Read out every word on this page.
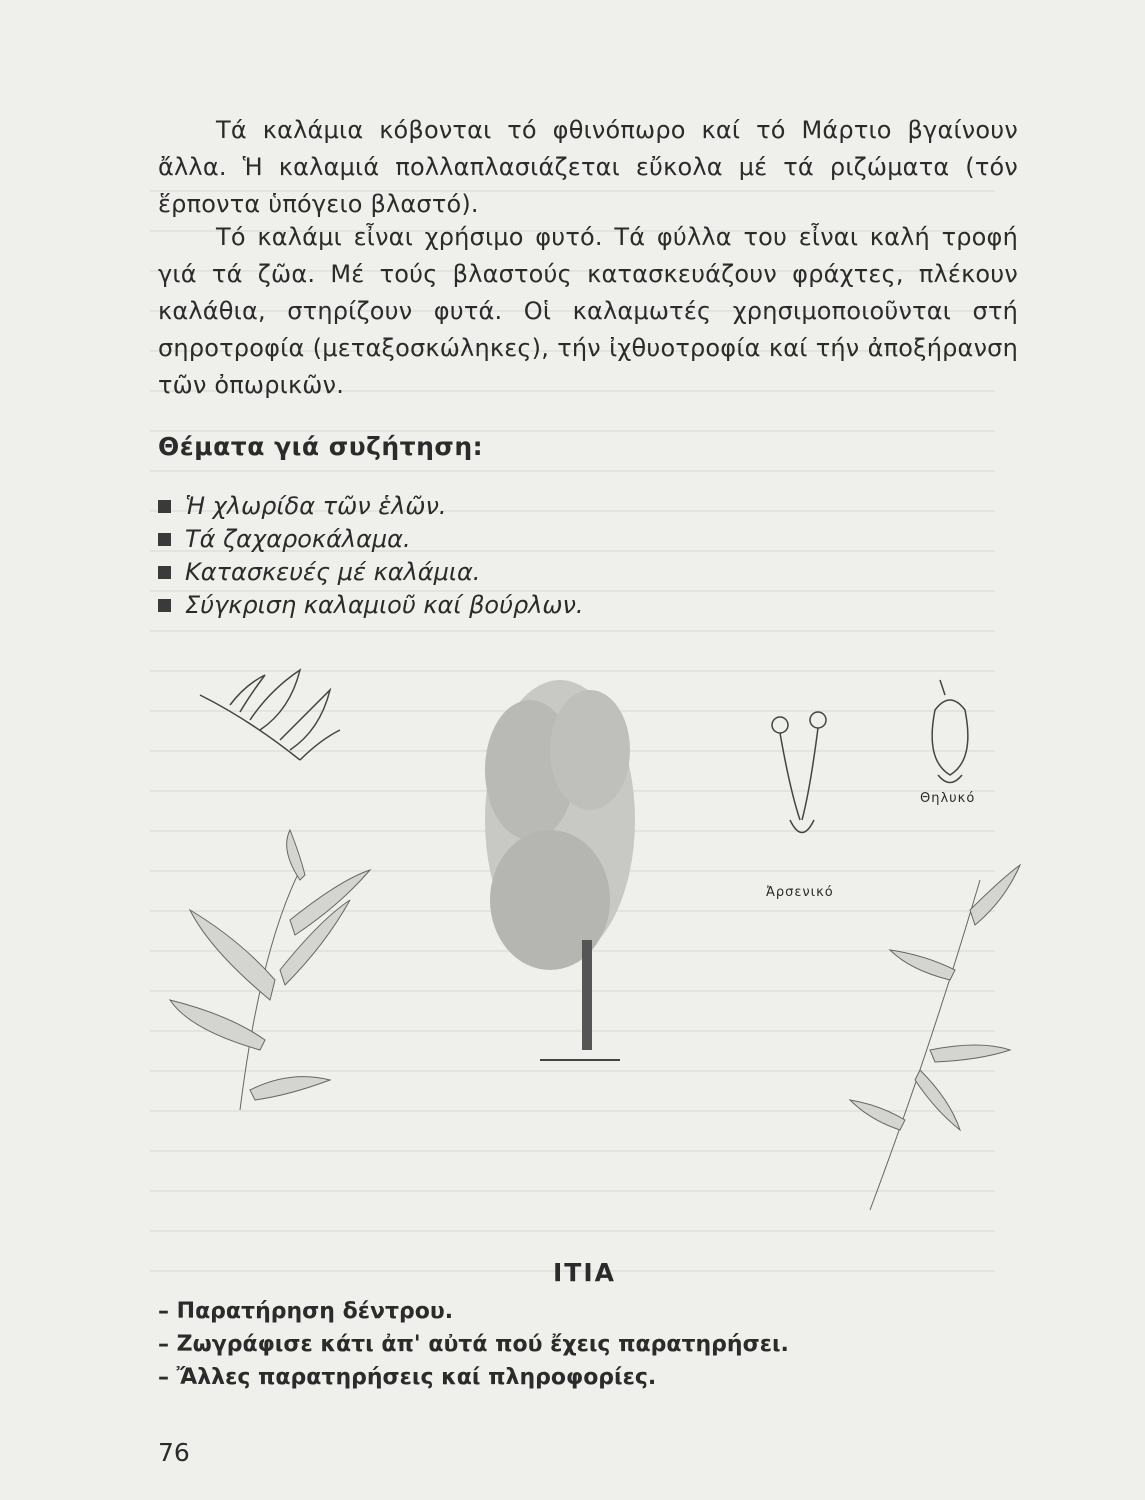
Τά καλάμια κόβονται τό φθινόπωρο καί τό Μάρτιο βγαίνουν ἄλλα. Ἡ καλαμιά πολλαπλασιάζεται εὔκολα μέ τά ριζώματα (τόν ἕρποντα ὑπόγειο βλαστό).

Τό καλάμι εἶναι χρήσιμο φυτό. Τά φύλλα του εἶναι καλή τροφή γιά τά ζῶα. Μέ τούς βλαστούς κατασκευάζουν φράχτες, πλέκουν καλάθια, στηρίζουν φυτά. Οἱ καλαμωτές χρησιμοποιοῦνται στή σηροτροφία (μεταξοσκώληκες), τήν ἰχθυοτροφία καί τήν ἀποξήρανση τῶν ὀπωρικῶν.

Θέματα γιά συζήτηση:
Ἡ χλωρίδα τῶν ἑλῶν.
Τά ζαχαροκάλαμα.
Κατασκευές μέ καλάμια.
Σύγκριση καλαμιοῦ καί βούρλων.
Θηλυκό
Ἀρσενικό
ΙΤΙΑ
– Παρατήρηση δέντρου.
– Ζωγράφισε κάτι ἀπ' αὐτά πού ἔχεις παρατηρήσει.
– Ἄλλες παρατηρήσεις καί πληροφορίες.

76
